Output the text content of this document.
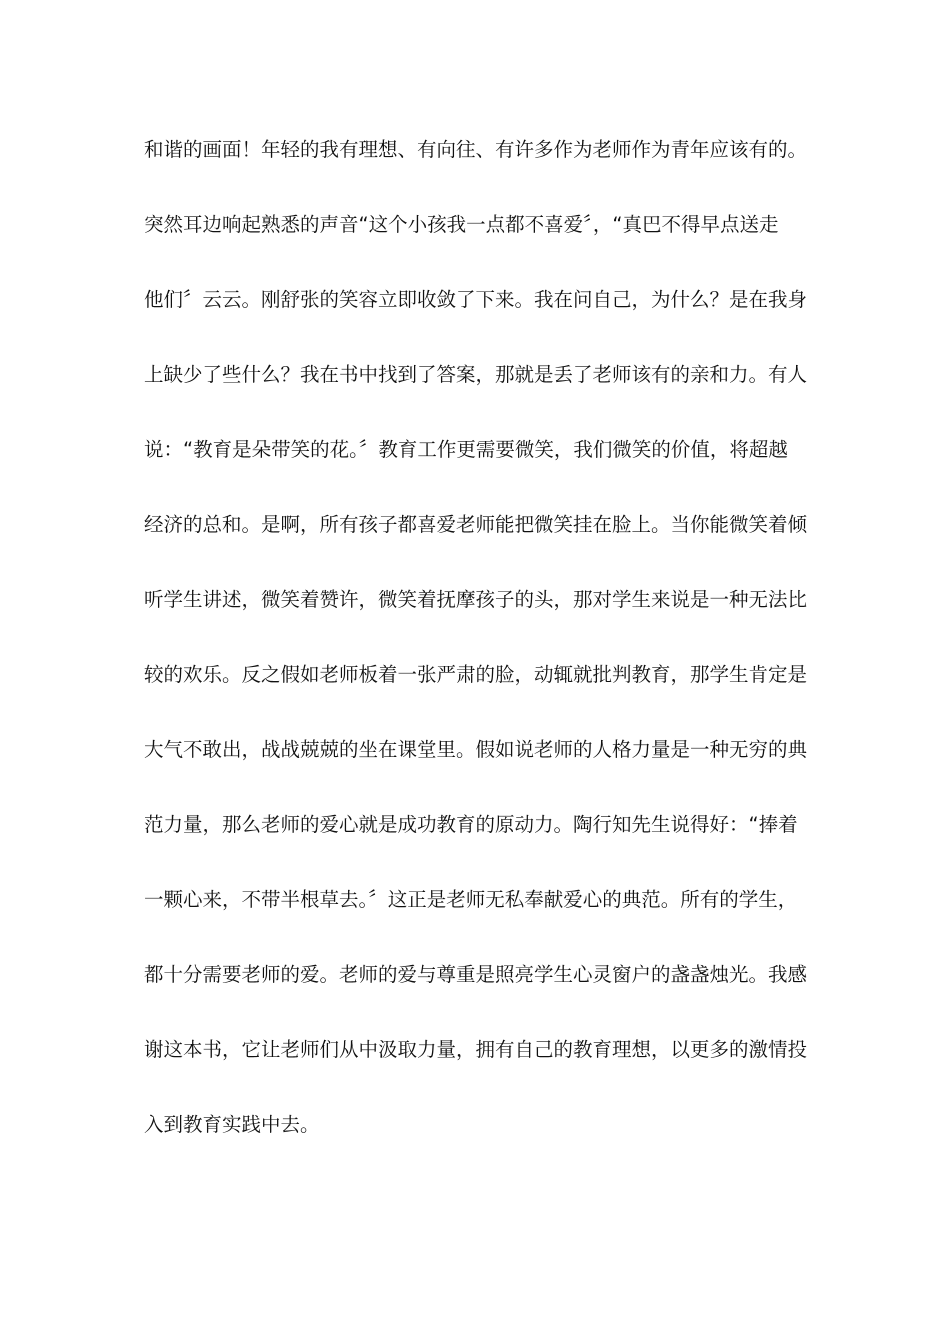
和谐的画面！年轻的我有理想、有向往、有许多作为老师作为青年应该有的。
突然耳边响起熟悉的声音“这个小孩我一点都不喜爱〞，“真巴不得早点送走
他们〞云云。刚舒张的笑容立即收敛了下来。我在问自己，为什么？是在我身
上缺少了些什么？我在书中找到了答案，那就是丢了老师该有的亲和力。有人
说：“教育是朵带笑的花。〞教育工作更需要微笑，我们微笑的价值，将超越
经济的总和。是啊，所有孩子都喜爱老师能把微笑挂在脸上。当你能微笑着倾
听学生讲述，微笑着赞许，微笑着抚摩孩子的头，那对学生来说是一种无法比
较的欢乐。反之假如老师板着一张严肃的脸，动辄就批判教育，那学生肯定是
大气不敢出，战战兢兢的坐在课堂里。假如说老师的人格力量是一种无穷的典
范力量，那么老师的爱心就是成功教育的原动力。陶行知先生说得好：“捧着
一颗心来，不带半根草去。〞这正是老师无私奉献爱心的典范。所有的学生，
都十分需要老师的爱。老师的爱与尊重是照亮学生心灵窗户的盏盏烛光。我感
谢这本书，它让老师们从中汲取力量，拥有自己的教育理想，以更多的激情投
入到教育实践中去。
